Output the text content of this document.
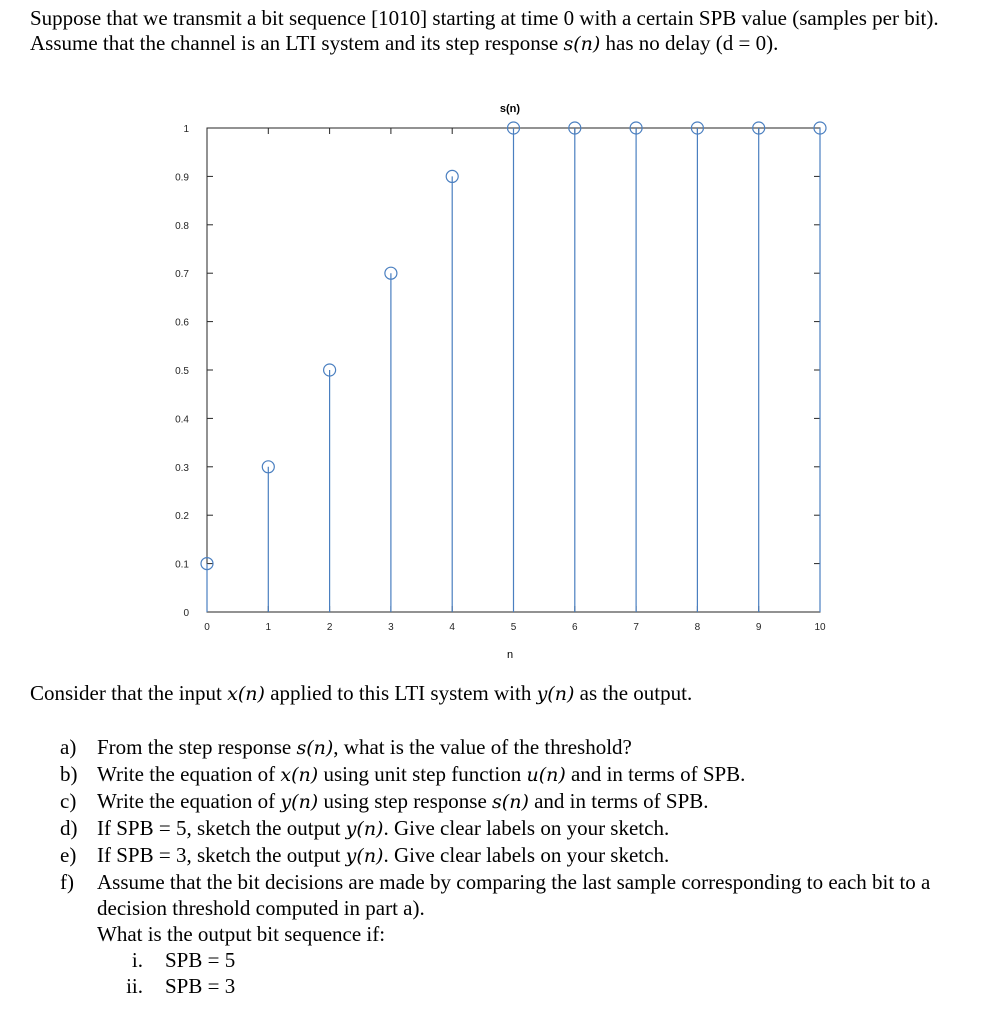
Suppose that we transmit a bit sequence [1010] starting at time 0 with a certain SPB value (samples per bit).

Assume that the channel is an LTI system and its step response s(n) has no delay (d = 0).

s(n)
0
0.1
0.2
0.3
0.4
0.5
0.6
0.7
0.8
0.9
1
0	1	2	3	4	5	6	7	8	9	10
n

Consider that the input x(n) applied to this LTI system with y(n) as the output.

a) From the step response s(n), what is the value of the threshold?
b) Write the equation of x(n) using unit step function u(n) and in terms of SPB.
c) Write the equation of y(n) using step response s(n) and in terms of SPB.
d) If SPB = 5, sketch the output y(n). Give clear labels on your sketch.
e) If SPB = 3, sketch the output y(n). Give clear labels on your sketch.
f) Assume that the bit decisions are made by comparing the last sample corresponding to each bit to a decision threshold computed in part a).
What is the output bit sequence if:
i. SPB = 5
ii. SPB = 3
